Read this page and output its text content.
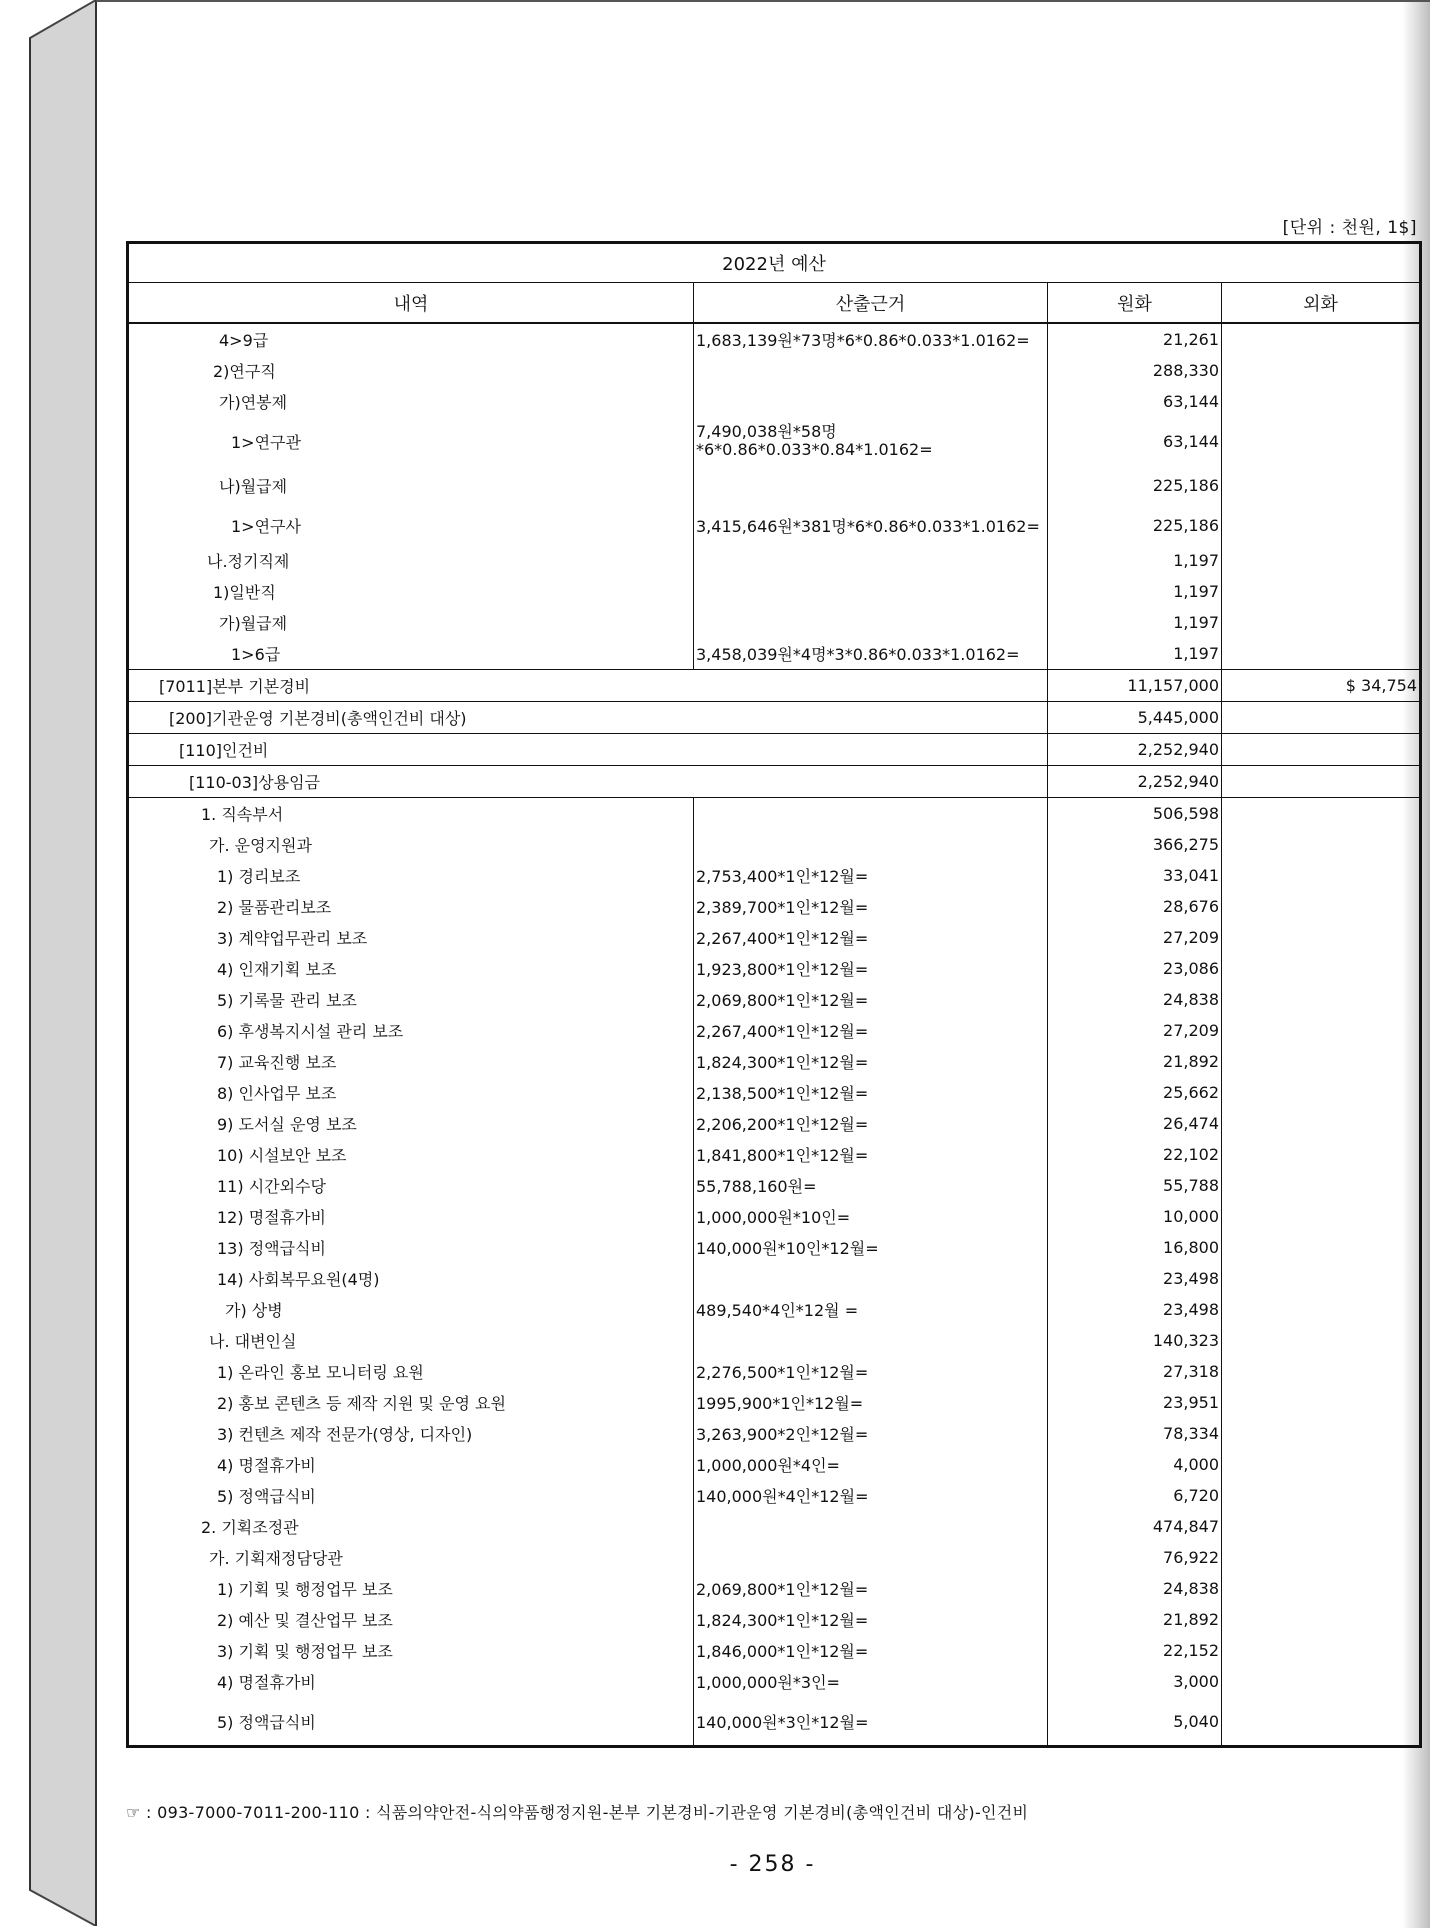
[단위 : 천원, 1$]
2022년 예산			
내역	산출근거	원화	외화
4>9급	1,683,139원*73명*6*0.86*0.033*1.0162=	21,261	
2)연구직		288,330	
가)연봉제		63,144	
1>연구관	7,490,038원*58명*6*0.86*0.033*0.84*1.0162=	63,144	
나)월급제		225,186	
1>연구사	3,415,646원*381명*6*0.86*0.033*1.0162=	225,186	
나.정기직제		1,197	
1)일반직		1,197	
가)월급제		1,197	
1>6급	3,458,039원*4명*3*0.86*0.033*1.0162=	1,197	
[7011]본부 기본경비		11,157,000	$ 34,754
[200]기관운영 기본경비(총액인건비 대상)		5,445,000	
[110]인건비		2,252,940	
[110-03]상용임금		2,252,940	
1. 직속부서		506,598	
가. 운영지원과		366,275	
1) 경리보조	2,753,400*1인*12월=	33,041	
2) 물품관리보조	2,389,700*1인*12월=	28,676	
3) 계약업무관리 보조	2,267,400*1인*12월=	27,209	
4) 인재기획 보조	1,923,800*1인*12월=	23,086	
5) 기록물 관리 보조	2,069,800*1인*12월=	24,838	
6) 후생복지시설 관리 보조	2,267,400*1인*12월=	27,209	
7) 교육진행 보조	1,824,300*1인*12월=	21,892	
8) 인사업무 보조	2,138,500*1인*12월=	25,662	
9) 도서실 운영 보조	2,206,200*1인*12월=	26,474	
10) 시설보안 보조	1,841,800*1인*12월=	22,102	
11) 시간외수당	55,788,160원=	55,788	
12) 명절휴가비	1,000,000원*10인=	10,000	
13) 정액급식비	140,000원*10인*12월=	16,800	
14) 사회복무요원(4명)		23,498	
가) 상병	489,540*4인*12월 =	23,498	
나. 대변인실		140,323	
1) 온라인 홍보 모니터링 요원	2,276,500*1인*12월=	27,318	
2) 홍보 콘텐츠 등 제작 지원 및 운영 요원	1995,900*1인*12월=	23,951	
3) 컨텐츠 제작 전문가(영상, 디자인)	3,263,900*2인*12월=	78,334	
4) 명절휴가비	1,000,000원*4인=	4,000	
5) 정액급식비	140,000원*4인*12월=	6,720	
2. 기획조정관		474,847	
가. 기획재정담당관		76,922	
1) 기획 및 행정업무 보조	2,069,800*1인*12월=	24,838	
2) 예산 및 결산업무 보조	1,824,300*1인*12월=	21,892	
3) 기획 및 행정업무 보조	1,846,000*1인*12월=	22,152	
4) 명절휴가비	1,000,000원*3인=	3,000	
5) 정액급식비	140,000원*3인*12월=	5,040	
☞ : 093-7000-7011-200-110 : 식품의약안전-식의약품행정지원-본부 기본경비-기관운영 기본경비(총액인건비 대상)-인건비
- 258 -
